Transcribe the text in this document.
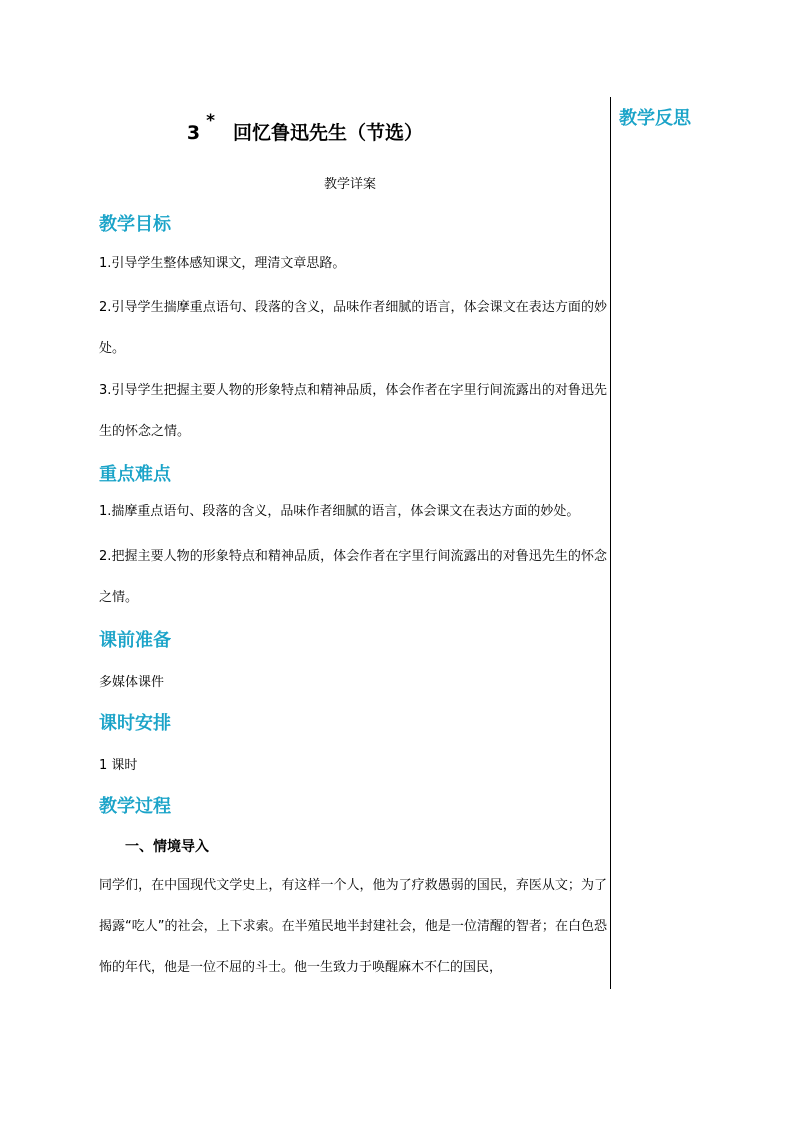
教学反思
3*回忆鲁迅先生（节选）
教学详案
教学目标
1.引导学生整体感知课文，理清文章思路。
2.引导学生揣摩重点语句、段落的含义，品味作者细腻的语言，体会课文在表达方面的妙处。
3.引导学生把握主要人物的形象特点和精神品质，体会作者在字里行间流露出的对鲁迅先生的怀念之情。
重点难点
1.揣摩重点语句、段落的含义，品味作者细腻的语言，体会课文在表达方面的妙处。
2.把握主要人物的形象特点和精神品质，体会作者在字里行间流露出的对鲁迅先生的怀念之情。
课前准备
多媒体课件
课时安排
1 课时
教学过程
一、情境导入
同学们，在中国现代文学史上，有这样一个人，他为了疗救愚弱的国民，弃医从文；为了揭露“吃人”的社会，上下求索。在半殖民地半封建社会，他是一位清醒的智者；在白色恐怖的年代，他是一位不屈的斗士。他一生致力于唤醒麻木不仁的国民，
